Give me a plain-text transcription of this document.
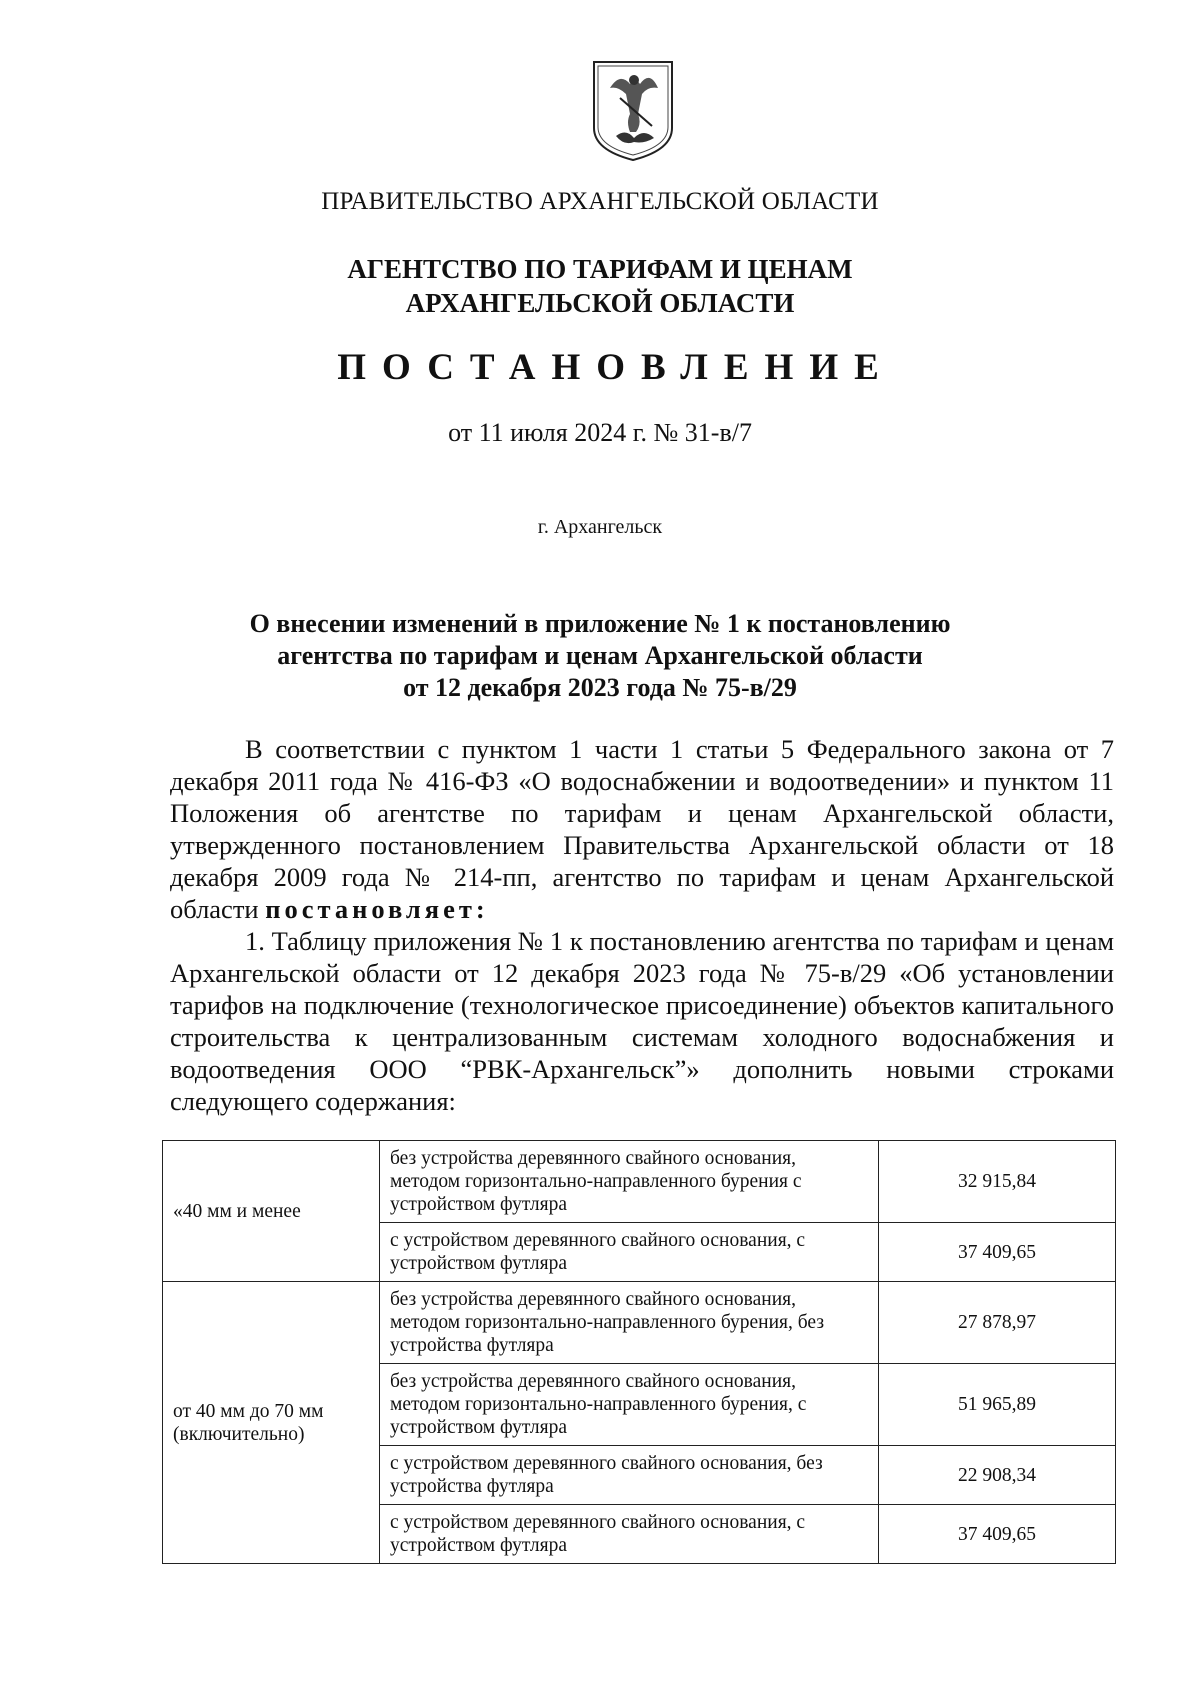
ПРАВИТЕЛЬСТВО АРХАНГЕЛЬСКОЙ ОБЛАСТИ
АГЕНТСТВО ПО ТАРИФАМ И ЦЕНАМ
АРХАНГЕЛЬСКОЙ ОБЛАСТИ
ПОСТАНОВЛЕНИЕ
от 11 июля 2024 г. № 31-в/7
г. Архангельск
О внесении изменений в приложение № 1 к постановлению
агентства по тарифам и ценам Архангельской области
от 12 декабря 2023 года № 75-в/29

В соответствии с пунктом 1 части 1 статьи 5 Федерального закона от 7 декабря 2011 года № 416-ФЗ «О водоснабжении и водоотведении» и пунктом 11 Положения об агентстве по тарифам и ценам Архангельской области, утвержденного постановлением Правительства Архангельской области от 18 декабря 2009 года № 214-пп, агентство по тарифам и ценам Архангельской области постановляет:

1. Таблицу приложения № 1 к постановлению агентства по тарифам и ценам Архангельской области от 12 декабря 2023 года № 75-в/29 «Об установлении тарифов на подключение (технологическое присоединение) объектов капитального строительства к централизованным системам холодного водоснабжения и водоотведения ООО “РВК-Архангельск”» дополнить новыми строками следующего содержания:

«40 мм и менее	без устройства деревянного свайного основания, методом горизонтально-направленного бурения с устройством футляра	32 915,84
	с устройством деревянного свайного основания, с устройством футляра	37 409,65
от 40 мм до 70 мм (включительно)	без устройства деревянного свайного основания, методом горизонтально-направленного бурения, без устройства футляра	27 878,97
	без устройства деревянного свайного основания, методом горизонтально-направленного бурения, с устройством футляра	51 965,89
	с устройством деревянного свайного основания, без устройства футляра	22 908,34
	с устройством деревянного свайного основания, с устройством футляра	37 409,65
